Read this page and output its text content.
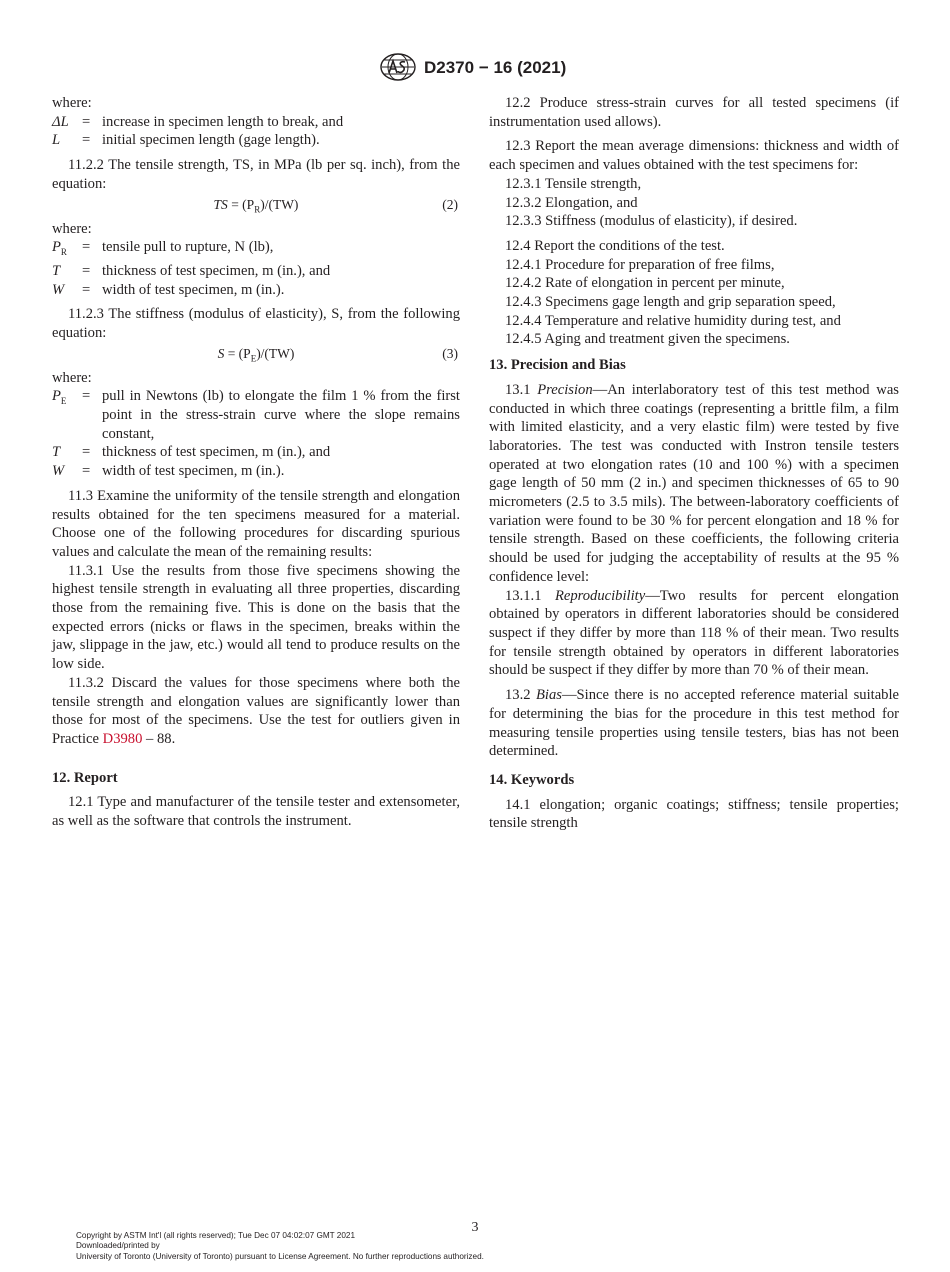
D2370 − 16 (2021)

where:

ΔL = increase in specimen length to break, and
L	= initial specimen length (gage length).

11.2.2 The tensile strength, TS, in MPa (lb per sq. inch), from the equation:

TS = $(P_R)/(TW)$	(2)

where:

$P_R$	= tensile pull to rupture, N (lb),
T	= thickness of test specimen, m (in.), and
W	= width of test specimen, m (in.).

11.2.3 The stiffness (modulus of elasticity), S, from the following equation:

$S = (P_E)/(TW)$	(3)

where:

$P_E$	= pull in Newtons (lb) to elongate the film 1 % from the first point in the stress-strain curve where the slope remains constant,
T	= thickness of test specimen, m (in.), and
W	= width of test specimen, m (in.).

11.3 Examine the uniformity of the tensile strength and elongation results obtained for the ten specimens measured for a material. Choose one of the following procedures for discarding spurious values and calculate the mean of the remaining results:

11.3.1 Use the results from those five specimens showing the highest tensile strength in evaluating all three properties, discarding those from the remaining five. This is done on the basis that the expected errors (nicks or flaws in the specimen, breaks within the jaw, slippage in the jaw, etc.) would all tend to produce results on the low side.

11.3.2 Discard the values for those specimens where both the tensile strength and elongation values are significantly lower than those for most of the specimens. Use the test for outliers given in Practice D3980 – 88.

12. Report

12.1 Type and manufacturer of the tensile tester and extensometer, as well as the software that controls the instrument.

12.2 Produce stress-strain curves for all tested specimens (if instrumentation used allows).

12.3 Report the mean average dimensions: thickness and width of each specimen and values obtained with the test specimens for:

12.3.1 Tensile strength,

12.3.2 Elongation, and

12.3.3 Stiffness (modulus of elasticity), if desired.

12.4 Report the conditions of the test.

12.4.1 Procedure for preparation of free films,

12.4.2 Rate of elongation in percent per minute,

12.4.3 Specimens gage length and grip separation speed,

12.4.4 Temperature and relative humidity during test, and

12.4.5 Aging and treatment given the specimens.

13. Precision and Bias

13.1 Precision—An interlaboratory test of this test method was conducted in which three coatings (representing a brittle film, a film with limited elasticity, and a very elastic film) were tested by five laboratories. The test was conducted with Instron tensile testers operated at two elongation rates (10 and 100 %) with a specimen gage length of 50 mm (2 in.) and specimen thicknesses of 65 to 90 micrometers (2.5 to 3.5 mils). The between-laboratory coefficients of variation were found to be 30 % for percent elongation and 18 % for tensile strength. Based on these coefficients, the following criteria should be used for judging the acceptability of results at the 95 % confidence level:

13.1.1 Reproducibility—Two results for percent elongation obtained by operators in different laboratories should be considered suspect if they differ by more than 118 % of their mean. Two results for tensile strength obtained by operators in different laboratories should be suspect if they differ by more than 70 % of their mean.

13.2 Bias—Since there is no accepted reference material suitable for determining the bias for the procedure in this test method for measuring tensile properties using tensile testers, bias has not been determined.

14. Keywords

14.1 elongation; organic coatings; stiffness; tensile properties; tensile strength

3
Copyright by ASTM Int'l (all rights reserved); Tue Dec 07 04:02:07 GMT 2021
Downloaded/printed by
University of Toronto (University of Toronto) pursuant to License Agreement. No further reproductions authorized.
